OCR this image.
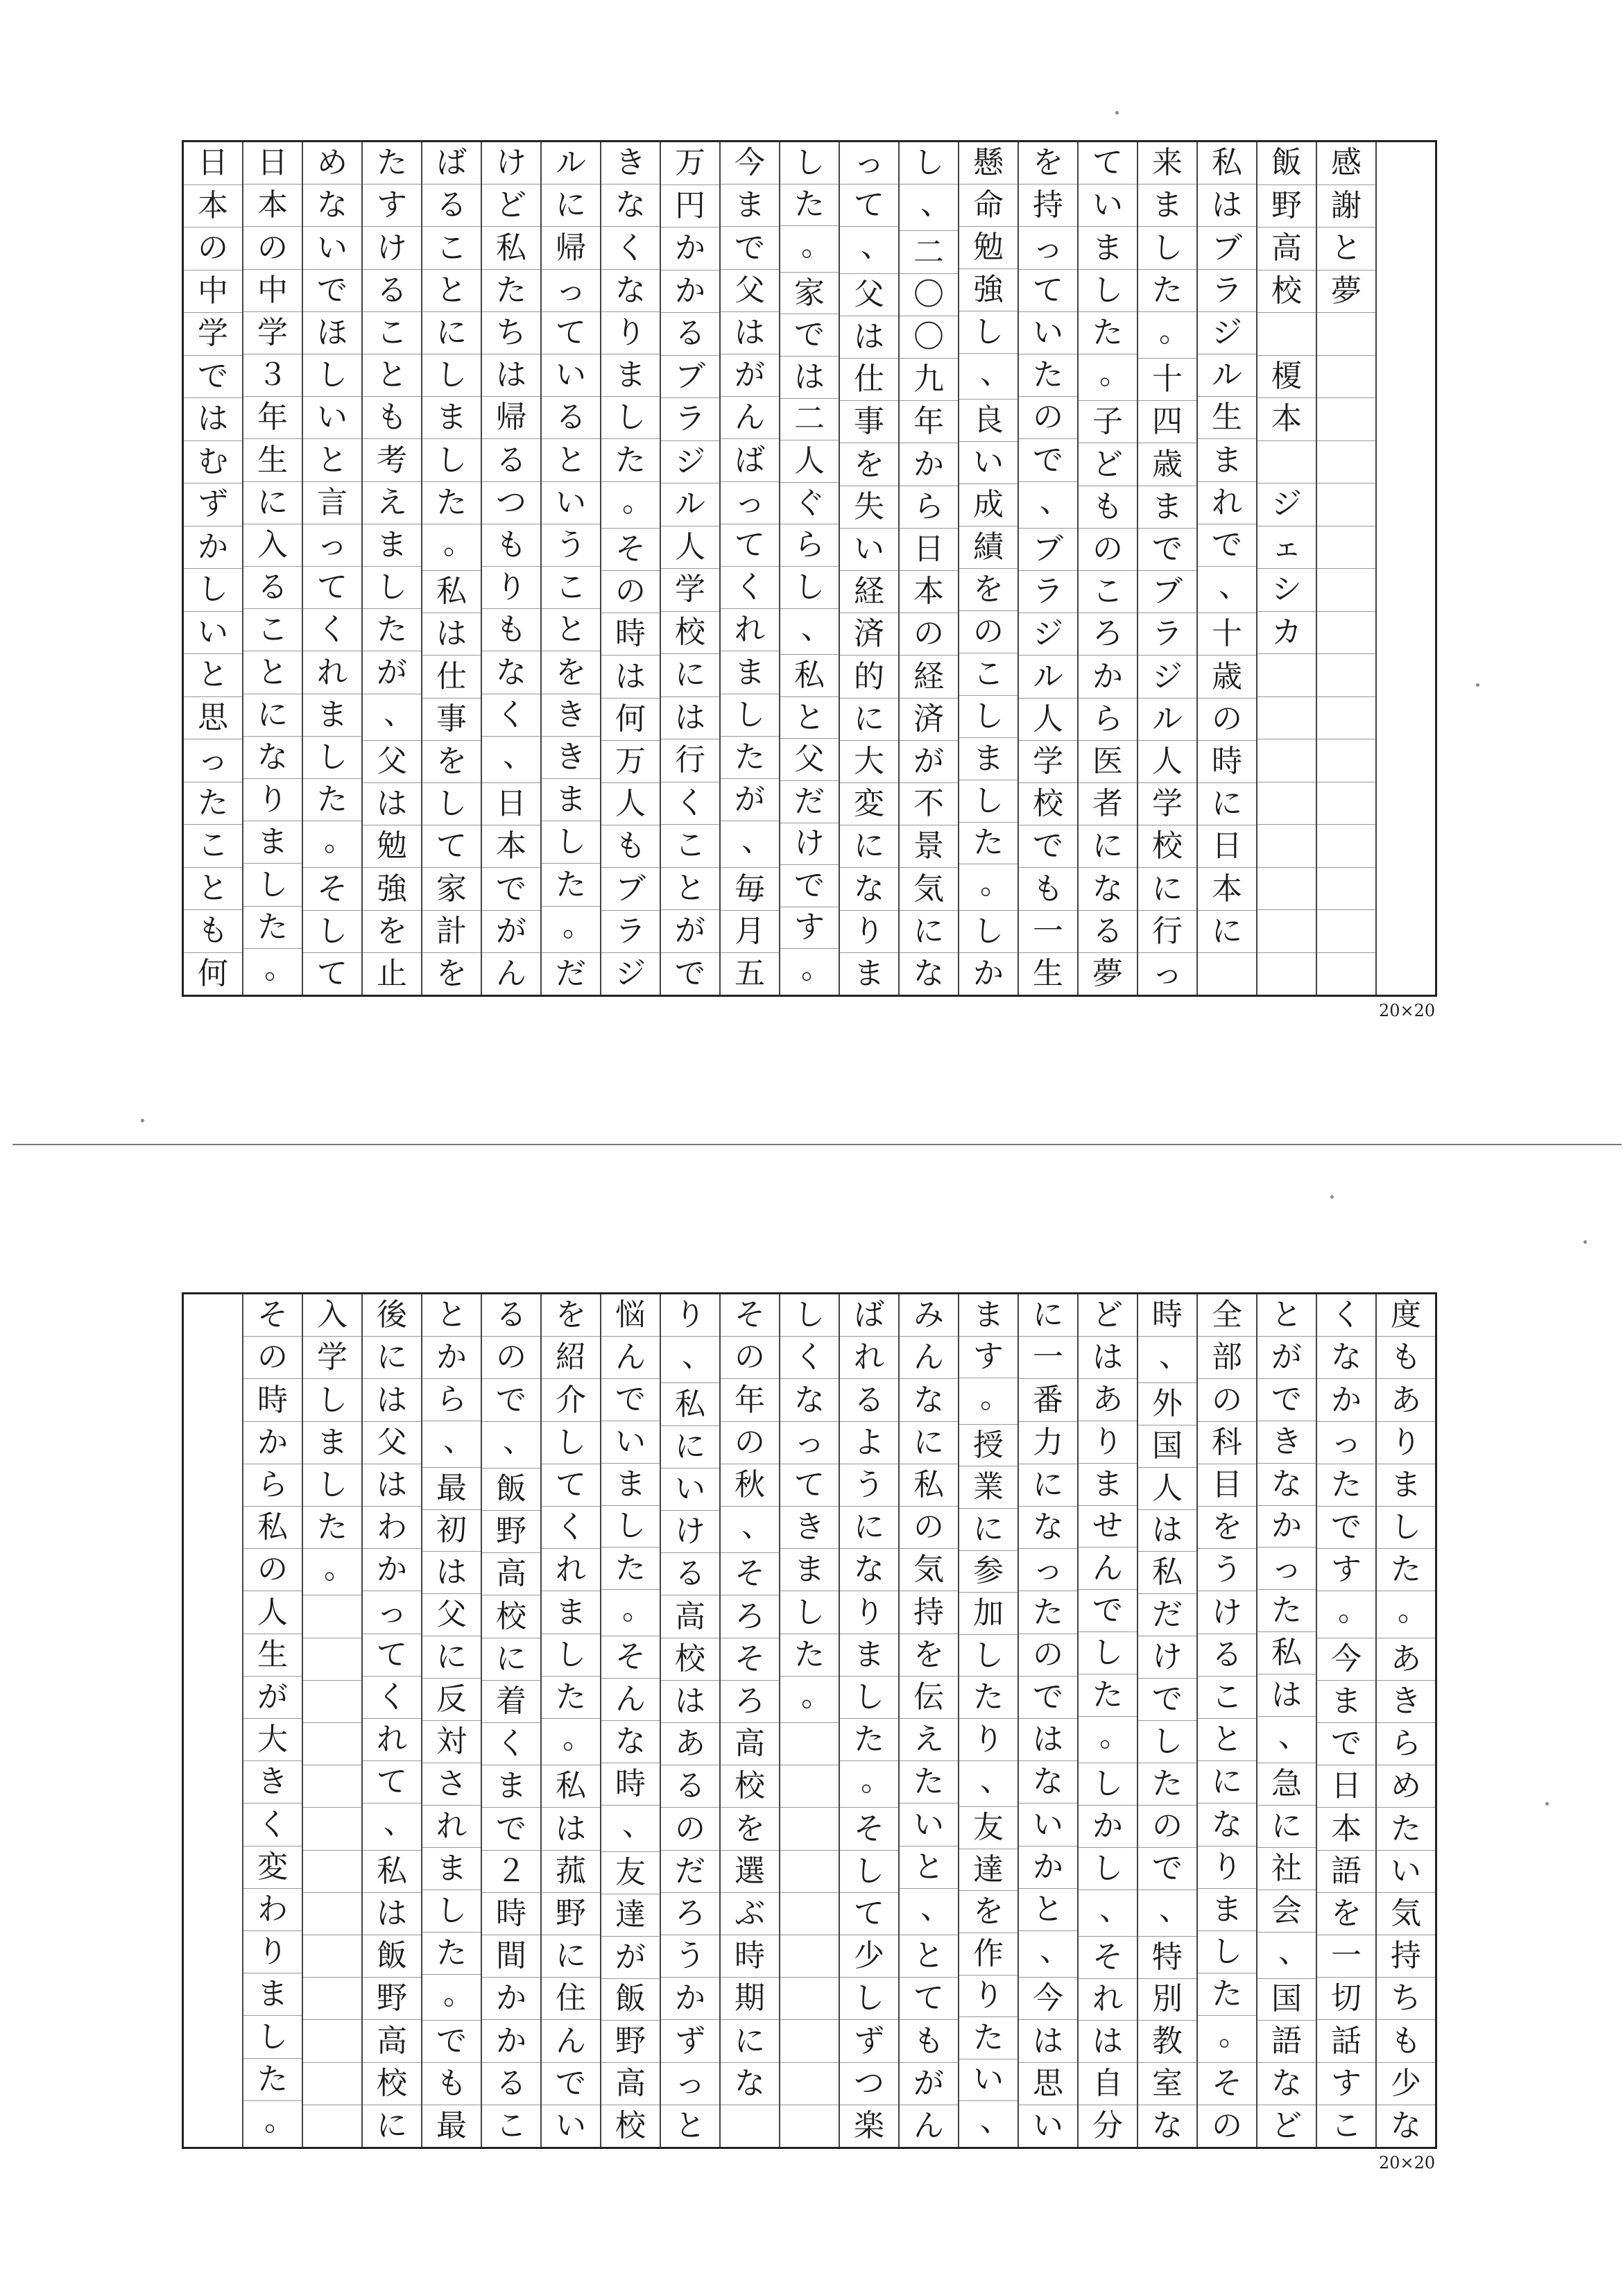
感
謝
と
夢
飯
野
高
校

榎
本

ジ
ェ
シ
カ
私
は
ブ
ラ
ジ
ル
生
ま
れ
で
、
十
歳
の
時
に
日
本
に
来
ま
し
た
。
十
四
歳
ま
で
ブ
ラ
ジ
ル
人
学
校
に
行
っ
て
い
ま
し
た
。
子
ど
も
の
こ
ろ
か
ら
医
者
に
な
る
夢
を
持
っ
て
い
た
の
で
、
ブ
ラ
ジ
ル
人
学
校
で
も
一
生
懸
命
勉
強
し
、
良
い
成
績
を
の
こ
し
ま
し
た
。
し
か
し
、
二
〇
〇
九
年
か
ら
日
本
の
経
済
が
不
景
気
に
な
っ
て
、
父
は
仕
事
を
失
い
経
済
的
に
大
変
に
な
り
ま
し
た
。
家
で
は
二
人
ぐ
ら
し
、
私
と
父
だ
け
で
す
。
今
ま
で
父
は
が
ん
ば
っ
て
く
れ
ま
し
た
が
、
毎
月
五
万
円
か
か
る
ブ
ラ
ジ
ル
人
学
校
に
は
行
く
こ
と
が
で
き
な
く
な
り
ま
し
た
。
そ
の
時
は
何
万
人
も
ブ
ラ
ジ
ル
に
帰
っ
て
い
る
と
い
う
こ
と
を
き
き
ま
し
た
。
だ
け
ど
私
た
ち
は
帰
る
つ
も
り
も
な
く
、
日
本
で
が
ん
ば
る
こ
と
に
し
ま
し
た
。
私
は
仕
事
を
し
て
家
計
を
た
す
け
る
こ
と
も
考
え
ま
し
た
が
、
父
は
勉
強
を
止
め
な
い
で
ほ
し
い
と
言
っ
て
く
れ
ま
し
た
。
そ
し
て
日
本
の
中
学
３
年
生
に
入
る
こ
と
に
な
り
ま
し
た
。
日
本
の
中
学
で
は
む
ず
か
し
い
と
思
っ
た
こ
と
も
何
20×20
度
も
あ
り
ま
し
た
。
あ
き
ら
め
た
い
気
持
ち
も
少
な
く
な
か
っ
た
で
す
。
今
ま
で
日
本
語
を
一
切
話
す
こ
と
が
で
き
な
か
っ
た
私
は
、
急
に
社
会
、
国
語
な
ど
全
部
の
科
目
を
う
け
る
こ
と
に
な
り
ま
し
た
。
そ
の
時
、
外
国
人
は
私
だ
け
で
し
た
の
で
、
特
別
教
室
な
ど
は
あ
り
ま
せ
ん
で
し
た
。
し
か
し
、
そ
れ
は
自
分
に
一
番
力
に
な
っ
た
の
で
は
な
い
か
と
、
今
は
思
い
ま
す
。
授
業
に
参
加
し
た
り
、
友
達
を
作
り
た
い
、
み
ん
な
に
私
の
気
持
を
伝
え
た
い
と
、
と
て
も
が
ん
ば
れ
る
よ
う
に
な
り
ま
し
た
。
そ
し
て
少
し
ず
つ
楽
し
く
な
っ
て
き
ま
し
た
。
そ
の
年
の
秋
、
そ
ろ
そ
ろ
高
校
を
選
ぶ
時
期
に
な
り
、
私
に
い
け
る
高
校
は
あ
る
の
だ
ろ
う
か
ず
っ
と
悩
ん
で
い
ま
し
た
。
そ
ん
な
時
、
友
達
が
飯
野
高
校
を
紹
介
し
て
く
れ
ま
し
た
。
私
は
菰
野
に
住
ん
で
い
る
の
で
、
飯
野
高
校
に
着
く
ま
で
２
時
間
か
か
る
こ
と
か
ら
、
最
初
は
父
に
反
対
さ
れ
ま
し
た
。
で
も
最
後
に
は
父
は
わ
か
っ
て
く
れ
て
、
私
は
飯
野
高
校
に
入
学
し
ま
し
た
。
そ
の
時
か
ら
私
の
人
生
が
大
き
く
変
わ
り
ま
し
た
。
20×20
